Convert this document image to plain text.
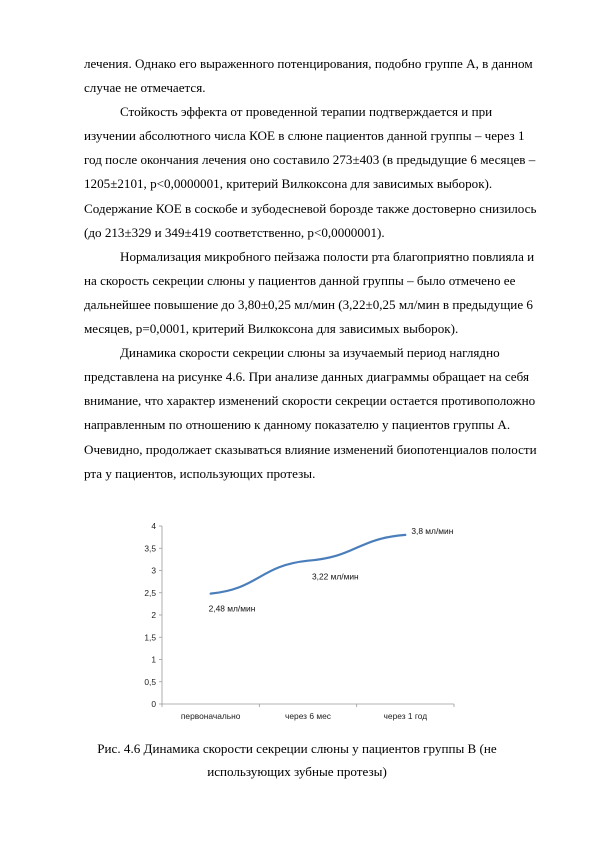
лечения. Однако его выраженного потенцирования, подобно группе А, в данном случае не отмечается.

Стойкость эффекта от проведенной терапии подтверждается и при изучении абсолютного числа КОЕ в слюне пациентов данной группы – через 1 год после окончания лечения оно составило 273±403 (в предыдущие 6 месяцев – 1205±2101, p<0,0000001, критерий Вилкоксона для зависимых выборок). Содержание КОЕ в соскобе и зубодесневой борозде также достоверно снизилось (до 213±329 и 349±419 соответственно, p<0,0000001).

Нормализация микробного пейзажа полости рта благоприятно повлияла и на скорость секреции слюны у пациентов данной группы – было отмечено ее дальнейшее повышение до 3,80±0,25 мл/мин (3,22±0,25 мл/мин в предыдущие 6 месяцев, p=0,0001, критерий Вилкоксона для зависимых выборок).

Динамика скорости секреции слюны за изучаемый период наглядно представлена на рисунке 4.6. При анализе данных диаграммы обращает на себя внимание, что характер изменений скорости секреции остается противоположно направленным по отношению к данному показателю у пациентов группы А. Очевидно, продолжает сказываться влияние изменений биопотенциалов полости рта у пациентов, использующих протезы.

0
0,5
1
1,5
2
2,5
3
3,5
4
первоначально	через 6 мес	через 1 год
2,48 мл/мин
3,22 мл/мин
3,8 мл/мин

Рис. 4.6 Динамика скорости секреции слюны у пациентов группы В (не использующих зубные протезы)
